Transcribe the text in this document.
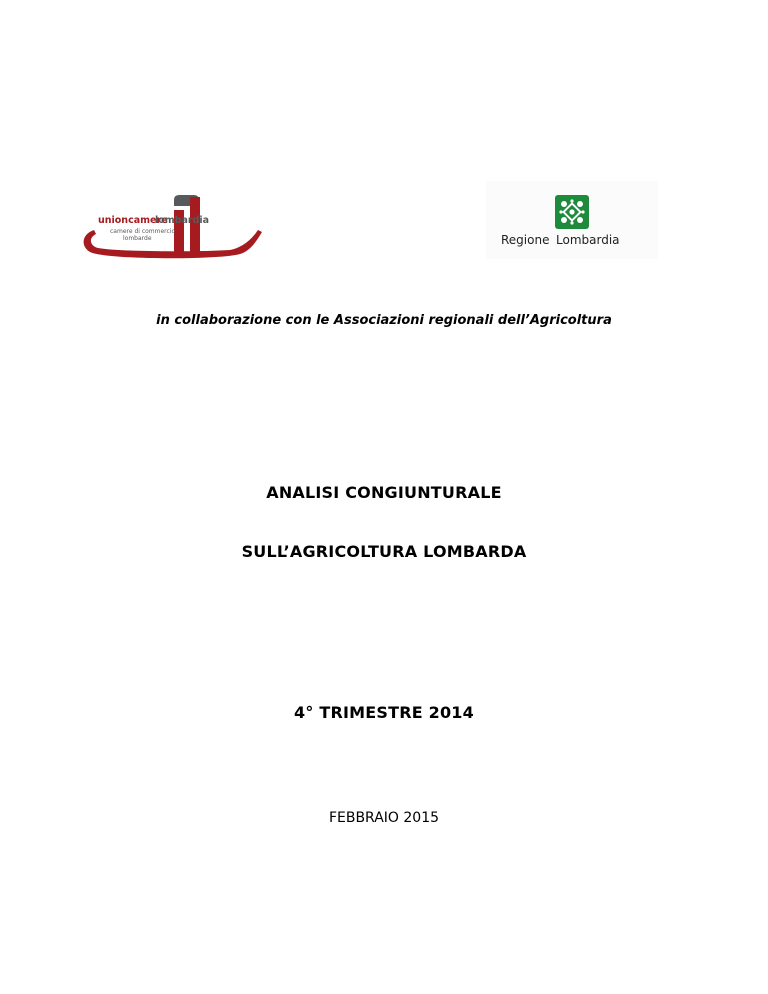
unioncamere
lombardia
camere di commercio
lombarde	Regione Lombardia
in collaborazione con le Associazioni regionali dell’Agricoltura
ANALISI CONGIUNTURALE
SULL’AGRICOLTURA LOMBARDA
4° TRIMESTRE 2014
FEBBRAIO 2015
